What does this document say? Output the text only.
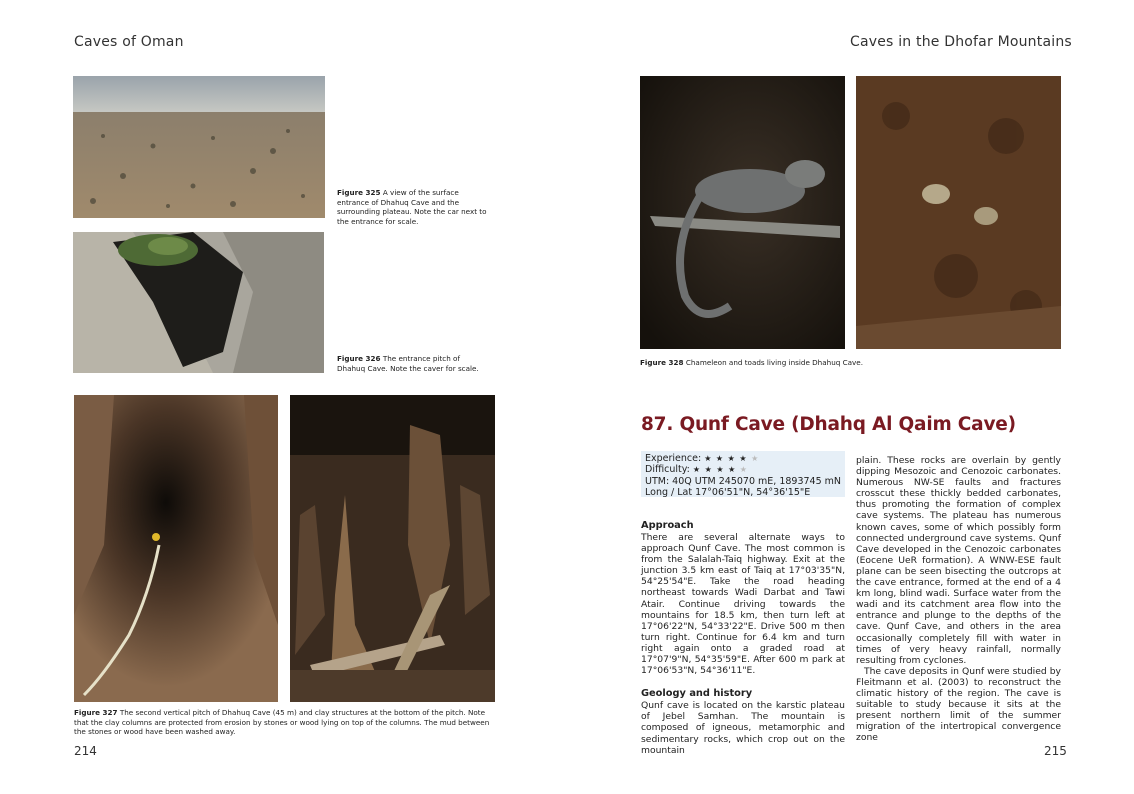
Caves of Oman
Figure 325 A view of the surface entrance of Dhahuq Cave and the surrounding plateau. Note the car next to the entrance for scale.
Figure 326 The entrance pitch of Dhahuq Cave. Note the caver for scale.
Figure 327 The second vertical pitch of Dhahuq Cave (45 m) and clay structures at the bottom of the pitch. Note that the clay columns are protected from erosion by stones or wood lying on top of the columns. The mud between the stones or wood have been washed away.
214
Caves in the Dhofar Mountains
Figure 328 Chameleon and toads living inside Dhahuq Cave.
87. Qunf Cave (Dhahq Al Qaim Cave)
Experience: ★ ★ ★ ★ ★
Difficulty: ★ ★ ★ ★ ★
UTM: 40Q UTM 245070 mE, 1893745 mN
Long / Lat 17°06'51"N, 54°36'15"E
Approach

There are several alternate ways to approach Qunf Cave. The most common is from the Salalah-Taiq highway. Exit at the junction 3.5 km east of Taiq at 17°03'35"N, 54°25'54"E. Take the road heading northeast towards Wadi Darbat and Tawi Atair. Continue driving towards the mountains for 18.5 km, then turn left at 17°06'22"N, 54°33'22"E. Drive 500 m then turn right. Continue for 6.4 km and turn right again onto a graded road at 17°07'9"N, 54°35'59"E. After 600 m park at 17°06'53"N, 54°36'11"E.

Geology and history

Qunf cave is located on the karstic plateau of Jebel Samhan. The mountain is composed of igneous, metamorphic and sedimentary rocks, which crop out on the mountain

plain. These rocks are overlain by gently dipping Mesozoic and Cenozoic carbonates. Numerous NW-SE faults and fractures crosscut these thickly bedded carbonates, thus promoting the formation of complex cave systems. The plateau has numerous known caves, some of which possibly form connected underground cave systems. Qunf Cave developed in the Cenozoic carbonates (Eocene UeR formation). A WNW-ESE fault plane can be seen bisecting the outcrops at the cave entrance, formed at the end of a 4 km long, blind wadi. Surface water from the wadi and its catchment area flow into the entrance and plunge to the depths of the cave. Qunf Cave, and others in the area occasionally completely fill with water in times of very heavy rainfall, normally resulting from cyclones.

The cave deposits in Qunf were studied by Fleitmann et al. (2003) to reconstruct the climatic history of the region. The cave is suitable to study because it sits at the present northern limit of the summer migration of the intertropical convergence zone

215
